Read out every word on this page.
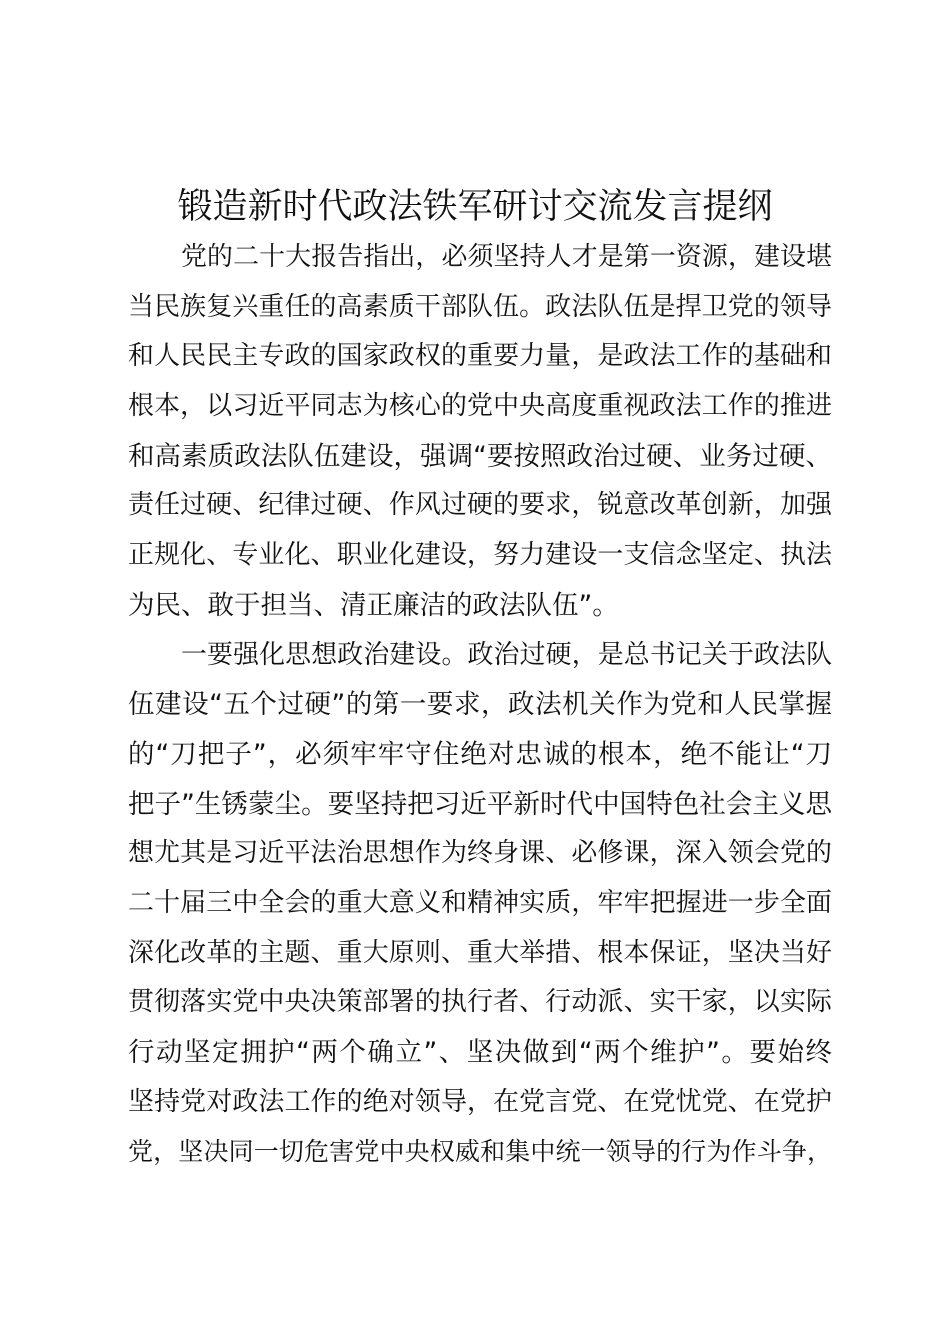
锻造新时代政法铁军研讨交流发言提纲
党的二十大报告指出，必须坚持人才是第一资源，建设堪
当民族复兴重任的高素质干部队伍。政法队伍是捍卫党的领导
和人民民主专政的国家政权的重要力量，是政法工作的基础和
根本，以习近平同志为核心的党中央高度重视政法工作的推进
和高素质政法队伍建设，强调“要按照政治过硬、业务过硬、
责任过硬、纪律过硬、作风过硬的要求，锐意改革创新，加强
正规化、专业化、职业化建设，努力建设一支信念坚定、执法
为民、敢于担当、清正廉洁的政法队伍”。
一要强化思想政治建设。政治过硬，是总书记关于政法队
伍建设“五个过硬”的第一要求，政法机关作为党和人民掌握
的“刀把子”，必须牢牢守住绝对忠诚的根本，绝不能让“刀
把子”生锈蒙尘。要坚持把习近平新时代中国特色社会主义思
想尤其是习近平法治思想作为终身课、必修课，深入领会党的
二十届三中全会的重大意义和精神实质，牢牢把握进一步全面
深化改革的主题、重大原则、重大举措、根本保证，坚决当好
贯彻落实党中央决策部署的执行者、行动派、实干家，以实际
行动坚定拥护“两个确立”、坚决做到“两个维护”。要始终
坚持党对政法工作的绝对领导，在党言党、在党忧党、在党护
党，坚决同一切危害党中央权威和集中统一领导的行为作斗争，
